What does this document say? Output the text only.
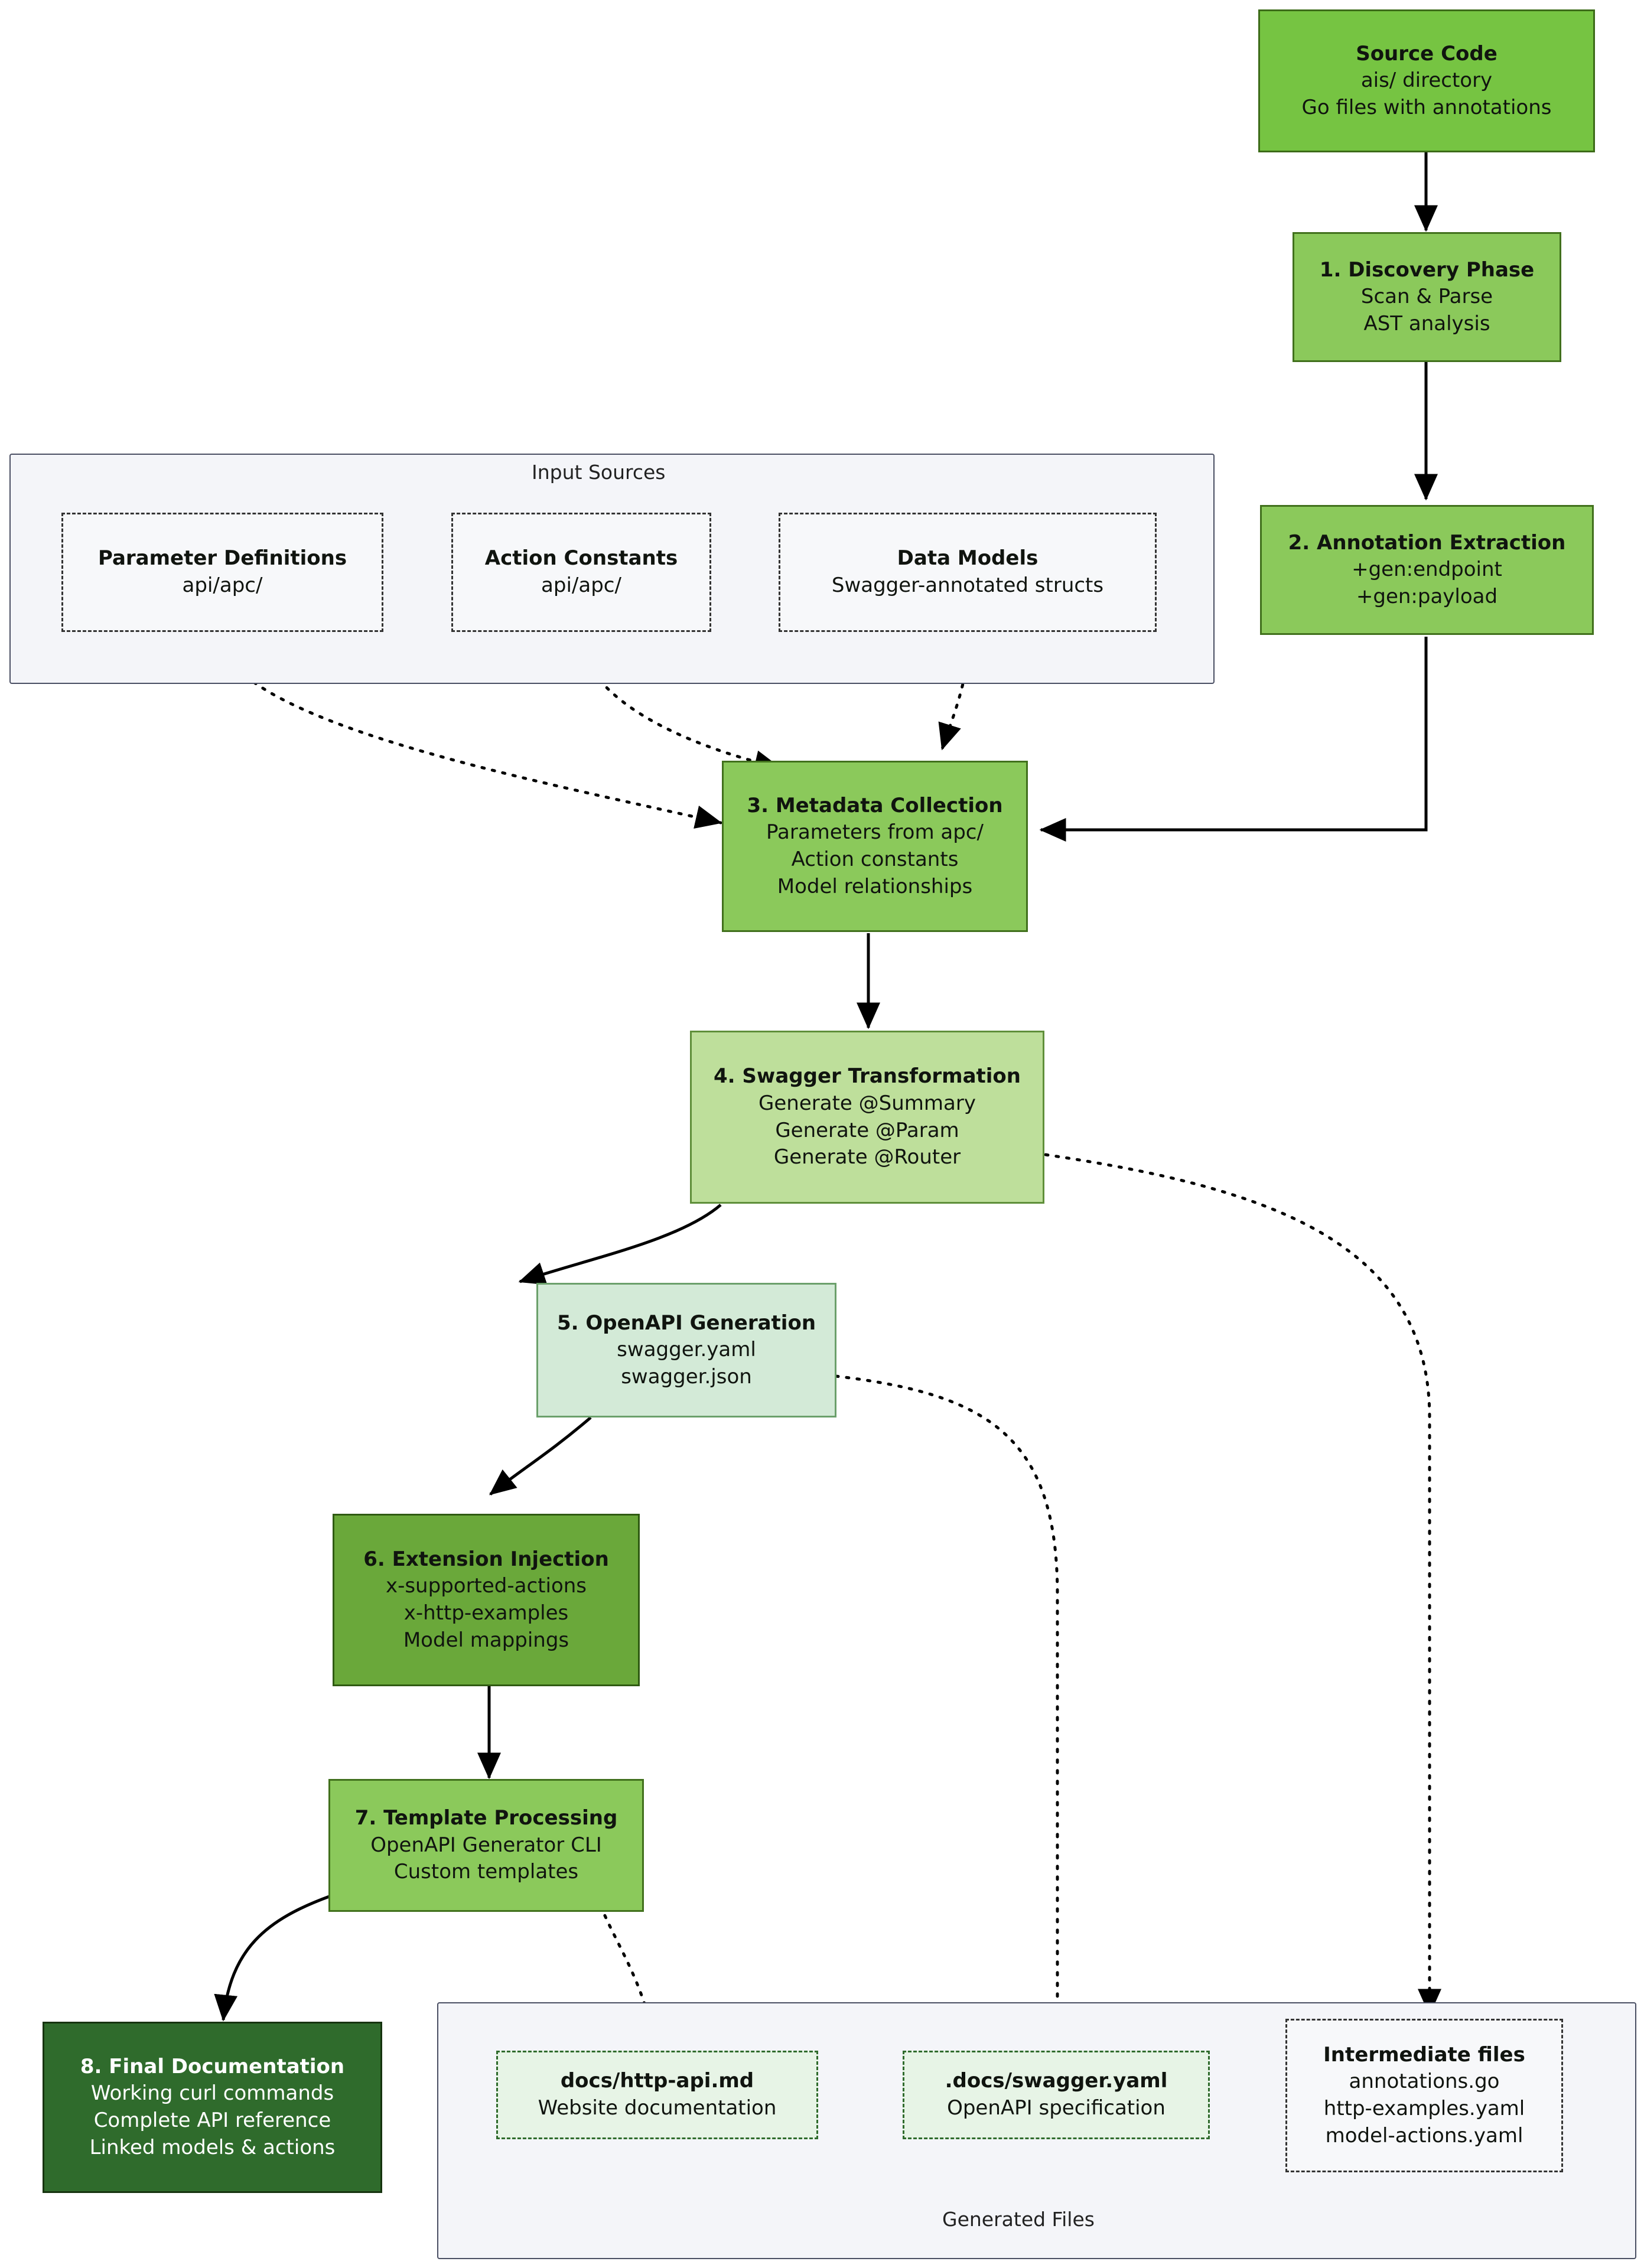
Input Sources
Parameter Definitions
api/apc/
Action Constants
api/apc/
Data Models
Swagger-annotated structs
Generated Files
docs/http-api.md
Website documentation
.docs/swagger.yaml
OpenAPI specification
Intermediate files
annotations.go
http-examples.yaml
model-actions.yaml
Source Code
ais/ directory
Go files with annotations
1. Discovery Phase
Scan & Parse
AST analysis
2. Annotation Extraction
+gen:endpoint
+gen:payload
3. Metadata Collection
Parameters from apc/
Action constants
Model relationships
4. Swagger Transformation
Generate @Summary
Generate @Param
Generate @Router
5. OpenAPI Generation
swagger.yaml
swagger.json
6. Extension Injection
x-supported-actions
x-http-examples
Model mappings
7. Template Processing
OpenAPI Generator CLI
Custom templates
8. Final Documentation
Working curl commands
Complete API reference
Linked models & actions
